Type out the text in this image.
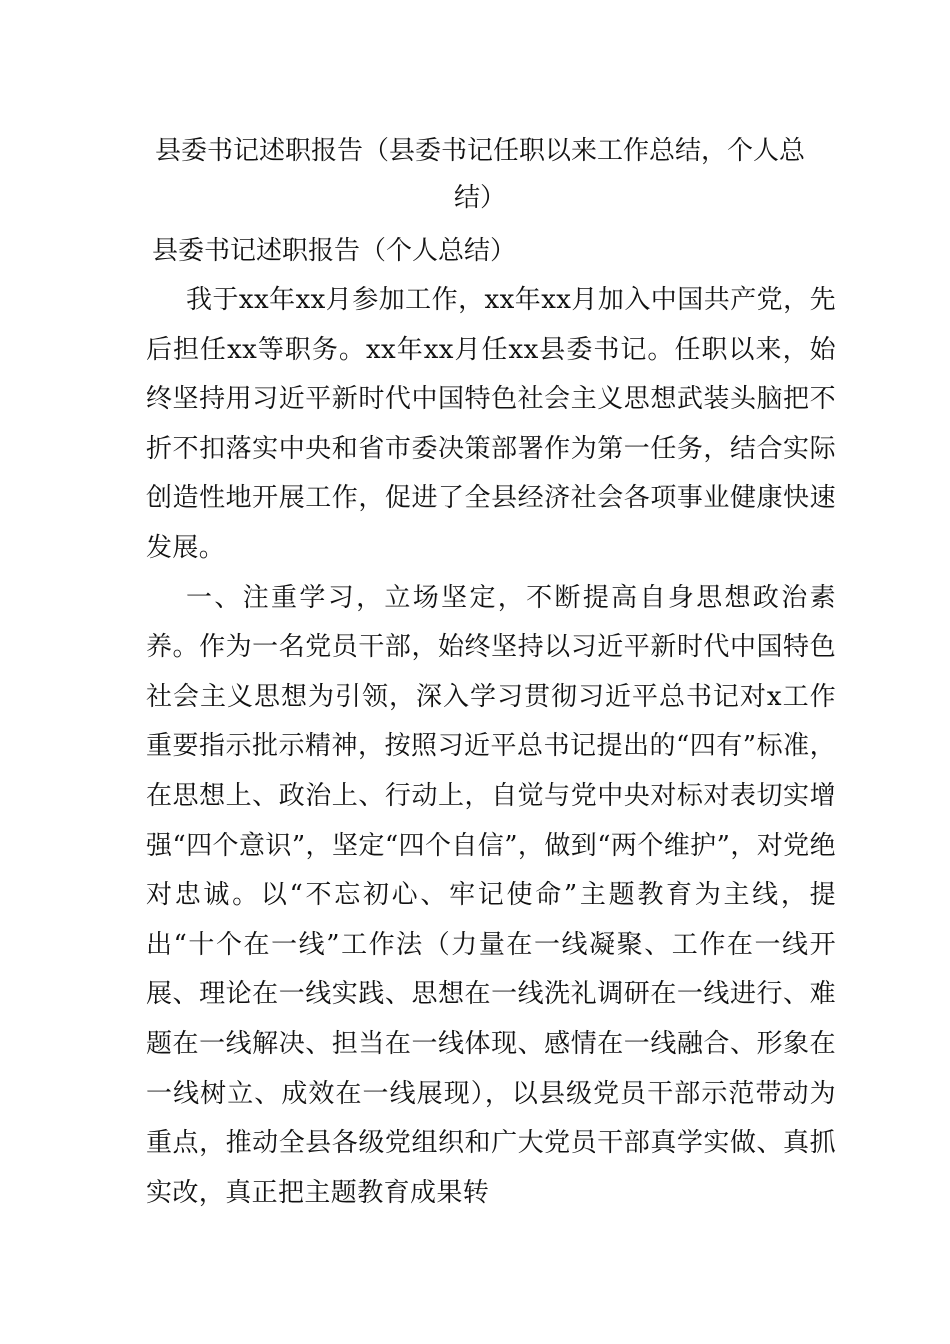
县委书记述职报告（县委书记任职以来工作总结，个人总结）
县委书记述职报告（个人总结）

我于xx年xx月参加工作，xx年xx月加入中国共产党，先后担任xx等职务。xx年xx月任xx县委书记。任职以来，始终坚持用习近平新时代中国特色社会主义思想武装头脑把不折不扣落实中央和省市委决策部署作为第一任务，结合实际创造性地开展工作，促进了全县经济社会各项事业健康快速发展。

一、注重学习，立场坚定，不断提高自身思想政治素养。作为一名党员干部，始终坚持以习近平新时代中国特色社会主义思想为引领，深入学习贯彻习近平总书记对x工作重要指示批示精神，按照习近平总书记提出的“四有”标准，在思想上、政治上、行动上，自觉与党中央对标对表切实增强“四个意识”，坚定“四个自信”，做到“两个维护”，对党绝对忠诚。以“不忘初心、牢记使命”主题教育为主线，提出“十个在一线”工作法（力量在一线凝聚、工作在一线开展、理论在一线实践、思想在一线洗礼调研在一线进行、难题在一线解决、担当在一线体现、感情在一线融合、形象在一线树立、成效在一线展现），以县级党员干部示范带动为重点，推动全县各级党组织和广大党员干部真学实做、真抓实改，真正把主题教育成果转
